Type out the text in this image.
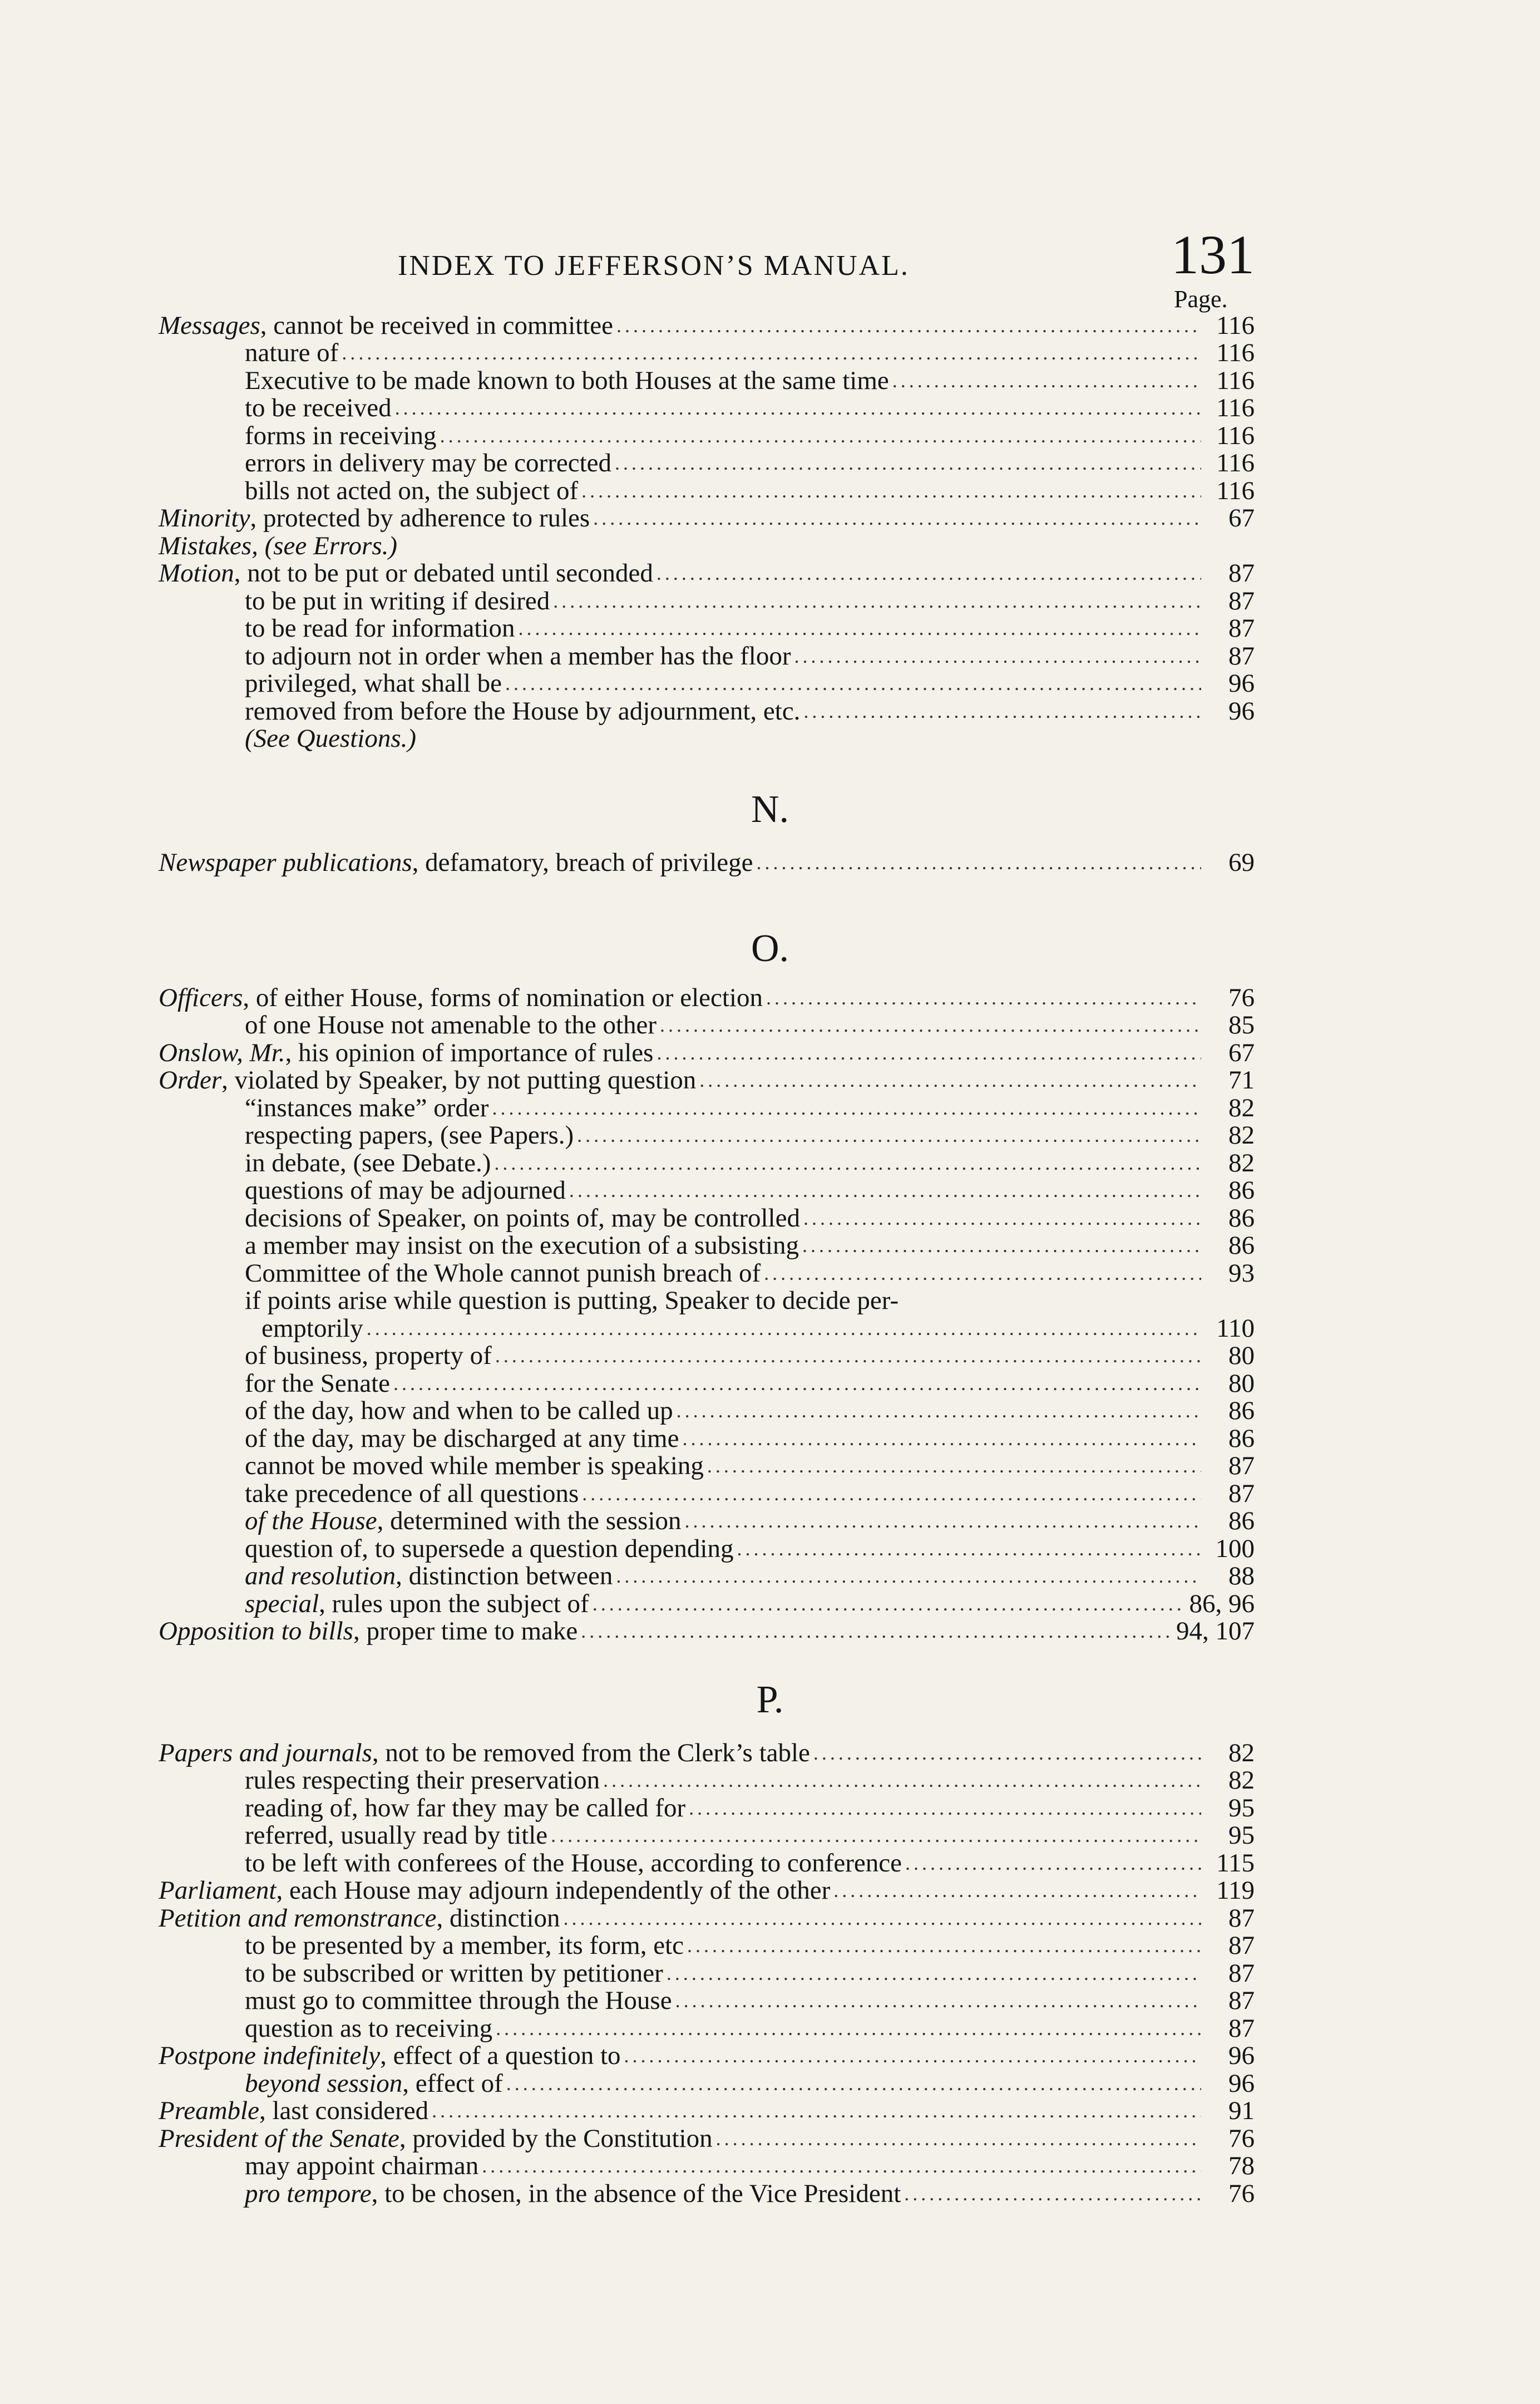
INDEX TO JEFFERSON’S MANUAL.	131
Page.
Messages, cannot be received in committee .....	116
nature of .....	116
Executive to be made known to both Houses at the same time .....	116
to be received .....	116
forms in receiving .....	116
errors in delivery may be corrected .....	116
bills not acted on, the subject of .....	116
Minority, protected by adherence to rules .....	67
Mistakes, (see Errors.)
Motion, not to be put or debated until seconded .....	87
to be put in writing if desired .....	87
to be read for information .....	87
to adjourn not in order when a member has the floor .....	87
privileged, what shall be .....	96
removed from before the House by adjournment, etc. .....	96
(See Questions.)
N.
Newspaper publications, defamatory, breach of privilege .....	69
O.
Officers, of either House, forms of nomination or election .....	76
of one House not amenable to the other .....	85
Onslow, Mr., his opinion of importance of rules .....	67
Order, violated by Speaker, by not putting question .....	71
“instances make” order .....	82
respecting papers, (see Papers.) .....	82
in debate, (see Debate.) .....	82
questions of may be adjourned .....	86
decisions of Speaker, on points of, may be controlled .....	86
a member may insist on the execution of a subsisting .....	86
Committee of the Whole cannot punish breach of .....	93
if points arise while question is putting, Speaker to decide per-
emptorily .....	110
of business, property of .....	80
for the Senate .....	80
of the day, how and when to be called up .....	86
of the day, may be discharged at any time .....	86
cannot be moved while member is speaking .....	87
take precedence of all questions .....	87
of the House, determined with the session .....	86
question of, to supersede a question depending .....	100
and resolution, distinction between .....	88
special, rules upon the subject of .....	86, 96
Opposition to bills, proper time to make .....	94, 107
P.
Papers and journals, not to be removed from the Clerk’s table .....	82
rules respecting their preservation .....	82
reading of, how far they may be called for .....	95
referred, usually read by title .....	95
to be left with conferees of the House, according to conference .....	115
Parliament, each House may adjourn independently of the other .....	119
Petition and remonstrance, distinction .....	87
to be presented by a member, its form, etc .....	87
to be subscribed or written by petitioner .....	87
must go to committee through the House .....	87
question as to receiving .....	87
Postpone indefinitely, effect of a question to .....	96
beyond session, effect of .....	96
Preamble, last considered .....	91
President of the Senate, provided by the Constitution .....	76
may appoint chairman .....	78
pro tempore, to be chosen, in the absence of the Vice President .....	76
